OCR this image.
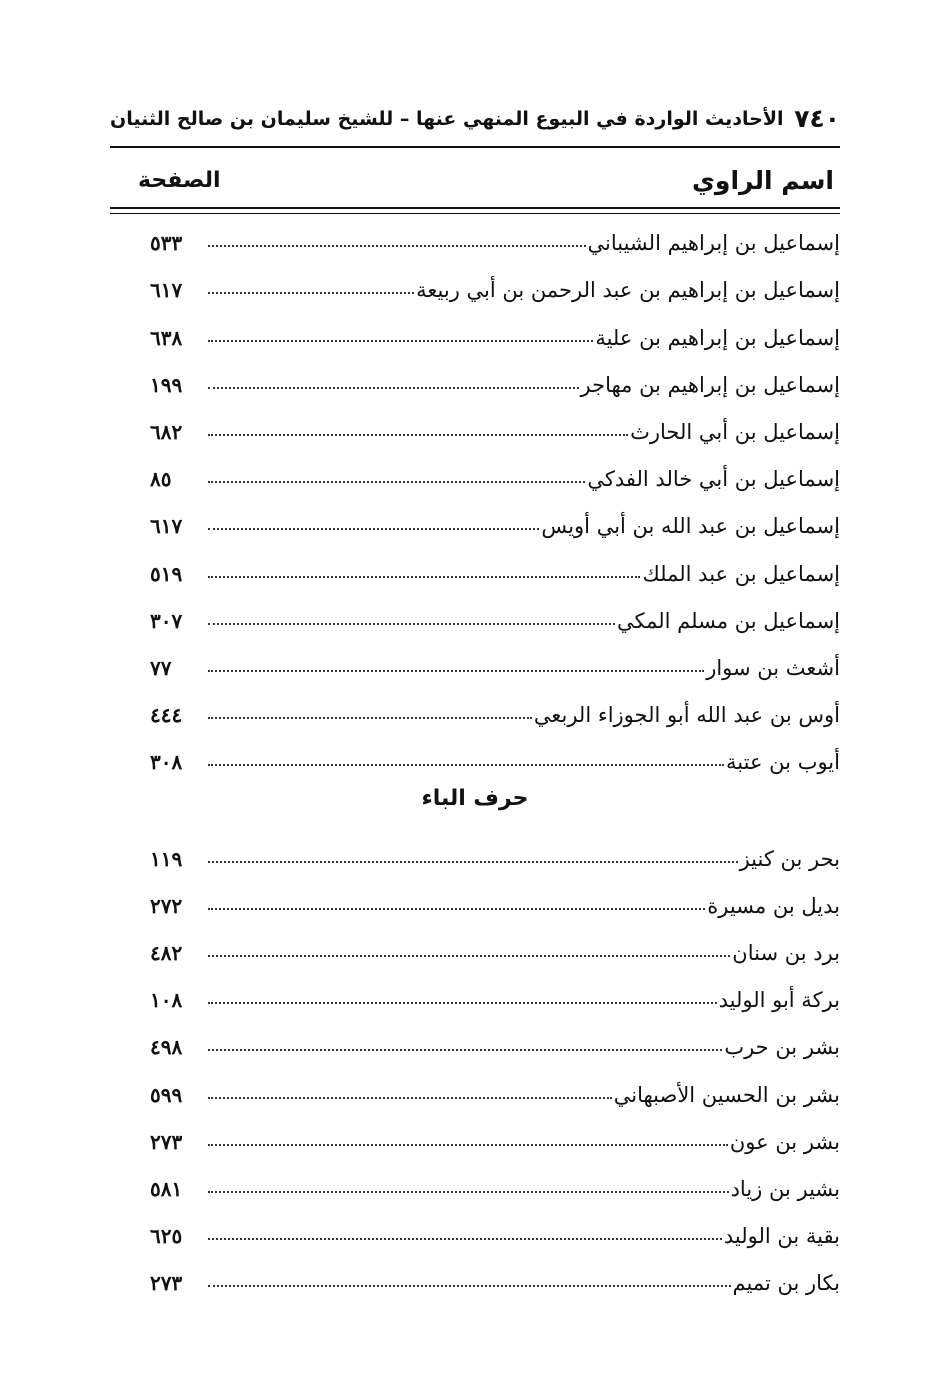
٧٤٠
الأحاديث الواردة في البيوع المنهي عنها – للشيخ سليمان بن صالح الثنيان
اسم الراوي
الصفحة
إسماعيل بن إبراهيم الشيباني
٥٣٣
إسماعيل بن إبراهيم بن عبد الرحمن بن أبي ربيعة
٦١٧
إسماعيل بن إبراهيم بن علية
٦٣٨
إسماعيل بن إبراهيم بن مهاجر
١٩٩
إسماعيل بن أبي الحارث
٦٨٢
إسماعيل بن أبي خالد الفدكي
٨٥
إسماعيل بن عبد الله بن أبي أويس
٦١٧
إسماعيل بن عبد الملك
٥١٩
إسماعيل بن مسلم المكي
٣٠٧
أشعث بن سوار
٧٧
أوس بن عبد الله أبو الجوزاء الربعي
٤٤٤
أيوب بن عتبة
٣٠٨
حرف الباء
بحر بن كنيز
١١٩
بديل بن مسيرة
٢٧٢
برد بن سنان
٤٨٢
بركة أبو الوليد
١٠٨
بشر بن حرب
٤٩٨
بشر بن الحسين الأصبهاني
٥٩٩
بشر بن عون
٢٧٣
بشير بن زياد
٥٨١
بقية بن الوليد
٦٢٥
بكار بن تميم
٢٧٣
